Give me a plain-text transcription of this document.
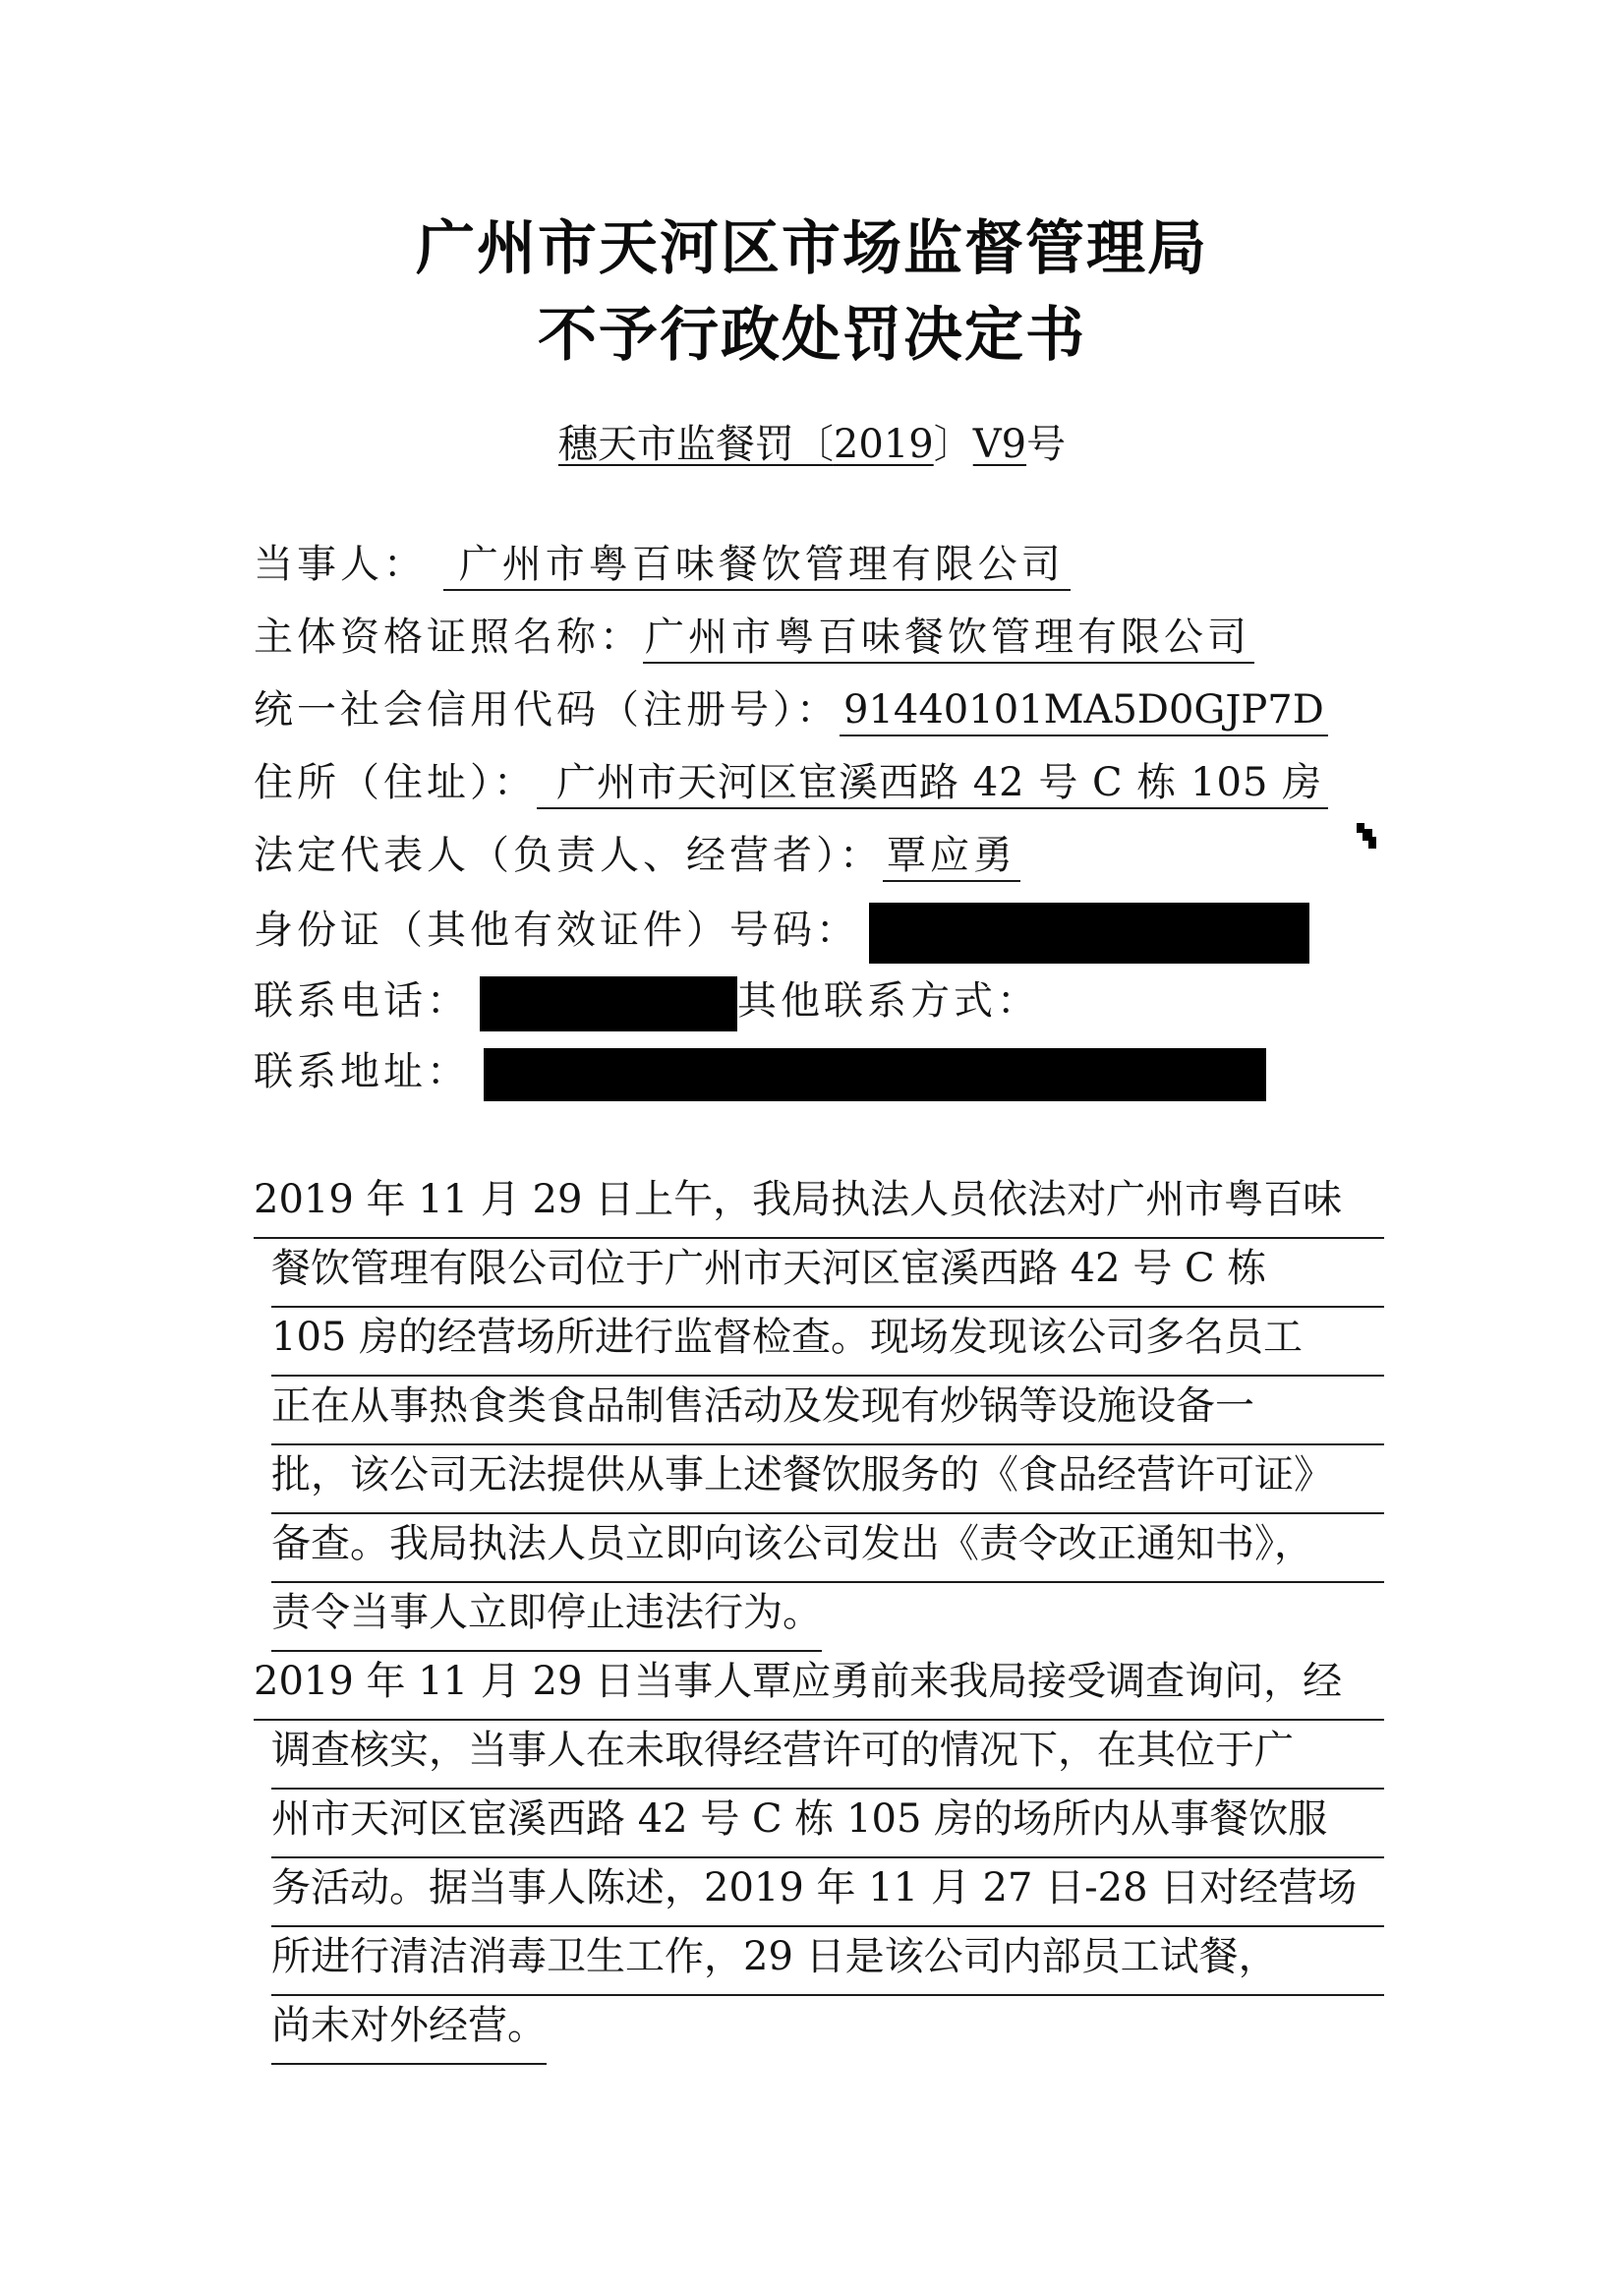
广州市天河区市场监督管理局
不予行政处罚决定书
穗天市监餐罚〔2019〕V9号
当事人： 广州市粤百味餐饮管理有限公司
主体资格证照名称：广州市粤百味餐饮管理有限公司
统一社会信用代码（注册号）： 91440101MA5D0GJP7D
住所（住址）： 广州市天河区宦溪西路 42 号 C 栋 105 房
法定代表人（负责人、经营者）： 覃应勇
身份证（其他有效证件）号码：
联系电话：	其他联系方式：
联系地址：
2019 年 11 月 29 日上午，我局执法人员依法对广州市粤百味
餐饮管理有限公司位于广州市天河区宦溪西路 42 号 C 栋
105 房的经营场所进行监督检查。现场发现该公司多名员工
正在从事热食类食品制售活动及发现有炒锅等设施设备一
批，该公司无法提供从事上述餐饮服务的《食品经营许可证》
备查。我局执法人员立即向该公司发出《责令改正通知书》，
责令当事人立即停止违法行为。
2019 年 11 月 29 日当事人覃应勇前来我局接受调查询问，经
调查核实，当事人在未取得经营许可的情况下，在其位于广
州市天河区宦溪西路 42 号 C 栋 105 房的场所内从事餐饮服
务活动。据当事人陈述，2019 年 11 月 27 日-28 日对经营场
所进行清洁消毒卫生工作，29 日是该公司内部员工试餐，
尚未对外经营。
